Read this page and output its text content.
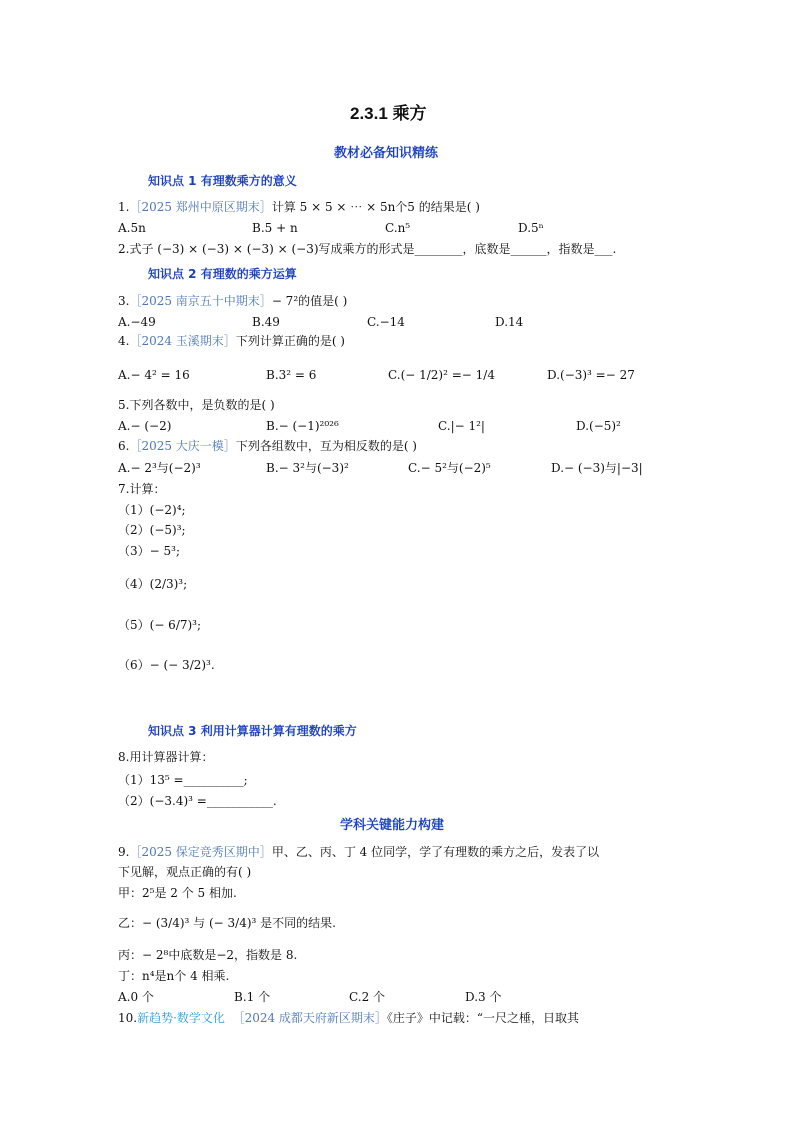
2.3.1 乘方
教材必备知识精练
知识点 1 有理数乘方的意义
1.［2025 郑州中原区期末］计算 5 × 5 × ⋯ × 5n个5 的结果是( )
A.5n	B.5 + n	C.n⁵	D.5ⁿ
2.式子 (−3) × (−3) × (−3) × (−3)写成乘方的形式是________，底数是______，指数是___.
知识点 2 有理数的乘方运算
3.［2025 南京五十中期末］− 7²的值是( )
A.−49	B.49	C.−14	D.14
4.［2024 玉溪期末］下列计算正确的是( )
A.− 4² = 16	B.3² = 6	C.(− 1/2)² =− 1/4	D.(−3)³ =− 27
5.下列各数中，是负数的是( )
A.− (−2)	B.− (−1)²⁰²⁶	C.|− 1²|	D.(−5)²
6.［2025 大庆一模］下列各组数中，互为相反数的是( )
A.− 2³与(−2)³	B.− 3²与(−3)²	C.− 5²与(−2)⁵	D.− (−3)与|−3|
7.计算：
（1）(−2)⁴;
（2）(−5)³;
（3）− 5³;
（4）(2/3)³;
（5）(− 6/7)³;
（6）− (− 3/2)³.
知识点 3 利用计算器计算有理数的乘方
8.用计算器计算：
（1）13⁵ =__________;
（2）(−3.4)³ =___________.
学科关键能力构建
9.［2025 保定竞秀区期中］甲、乙、丙、丁 4 位同学，学了有理数的乘方之后，发表了以
下见解，观点正确的有( )
甲：2⁵是 2 个 5 相加.
乙：− (3/4)³ 与 (− 3/4)³ 是不同的结果.
丙：− 2⁸中底数是−2，指数是 8.
丁：n⁴是n个 4 相乘.
A.0 个	B.1 个	C.2 个	D.3 个
10.新趋势·数学文化 ［2024 成都天府新区期末］《庄子》中记载：“一尺之棰，日取其
